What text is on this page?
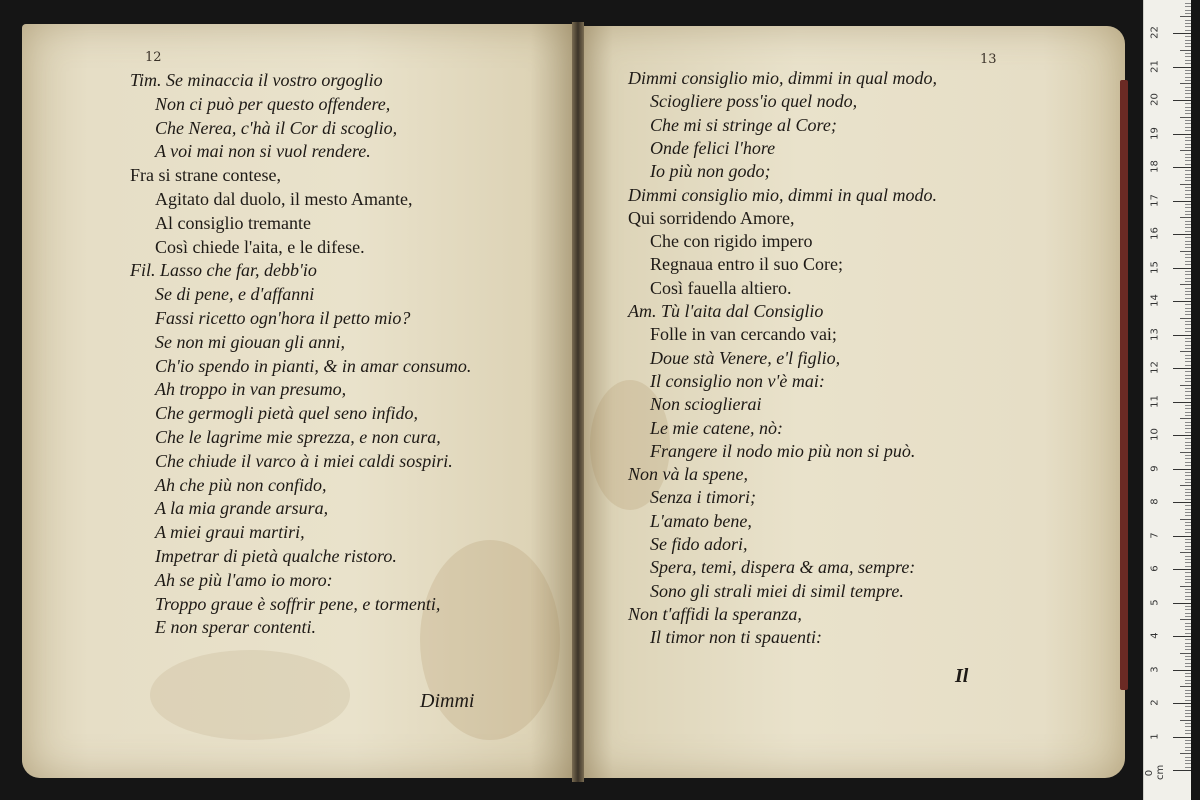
12	13
Tim. Se minaccia il vostro orgoglio
Non ci può per questo offendere,
Che Nerea, c'hà il Cor di scoglio,
A voi mai non si vuol rendere.
Fra si strane contese,
Agitato dal duolo, il mesto Amante,
Al consiglio tremante
Così chiede l'aita, e le difese.
Fil. Lasso che far, debb'io
Se di pene, e d'affanni
Fassi ricetto ogn'hora il petto mio?
Se non mi giouan gli anni,
Ch'io spendo in pianti, & in amar consumo.
Ah troppo in van presumo,
Che germogli pietà quel seno infido,
Che le lagrime mie sprezza, e non cura,
Che chiude il varco à i miei caldi sospiri.
Ah che più non confido,
A la mia grande arsura,
A miei graui martiri,
Impetrar di pietà qualche ristoro.
Ah se più l'amo io moro:
Troppo graue è soffrir pene, e tormenti,
E non sperar contenti.
Dimmi consiglio mio, dimmi in qual modo,
Sciogliere poss'io quel nodo,
Che mi si stringe al Core;
Onde felici l'hore
Io più non godo;
Dimmi consiglio mio, dimmi in qual modo.
Qui sorridendo Amore,
Che con rigido impero
Regnaua entro il suo Core;
Così fauella altiero.
Am. Tù l'aita dal Consiglio
Folle in van cercando vai;
Doue stà Venere, e'l figlio,
Il consiglio non v'è mai:
Non scioglierai
Le mie catene, nò:
Frangere il nodo mio più non si può.
Non và la spene,
Senza i timori;
L'amato bene,
Se fido adori,
Spera, temi, dispera & ama, sempre:
Sono gli strali miei di simil tempre.
Non t'affidi la speranza,
Il timor non ti spauenti:
Dimmi
Il
1
2
3
4
5
6
7
8
9
10
11
12
13
14
15
16
17
18
19
20
21
22
0 cm
